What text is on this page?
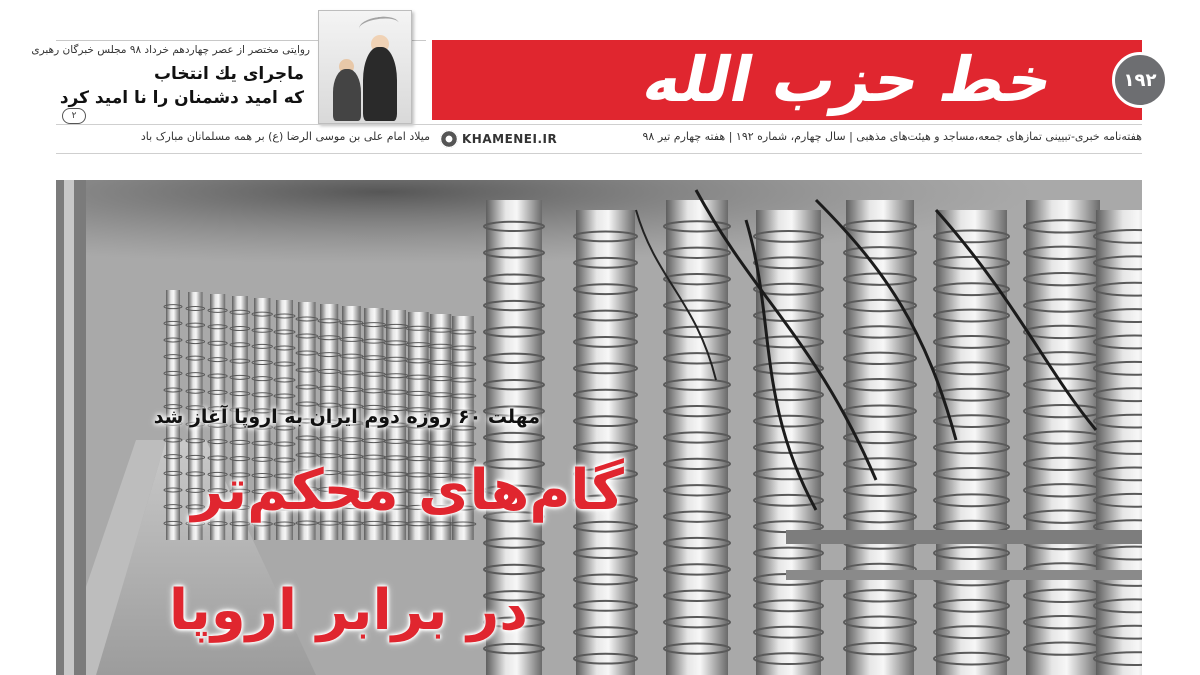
خط حزب الله	۱۹۲
روایتی مختصر از عصر چهاردهم خرداد ۹۸ مجلس خبرگان رهبری
ماجرای یك انتخاب
كه امید دشمنان را نا امید كرد
۲
هفته‌نامه خبری-تبیینی تمازهای جمعه،مساجد و هیئت‌های مذهبی | سال چهارم، شماره ۱۹۲ | هفته چهارم تیر ۹۸
KHAMENEI.IR
میلاد امام علی بن موسی الرضا (ع) بر همه مسلمانان مبارک باد
مهلت ۶۰ روزه دوم ایران به اروپا آغاز شد
گام‌های محكم‌تر
در برابر اروپا
